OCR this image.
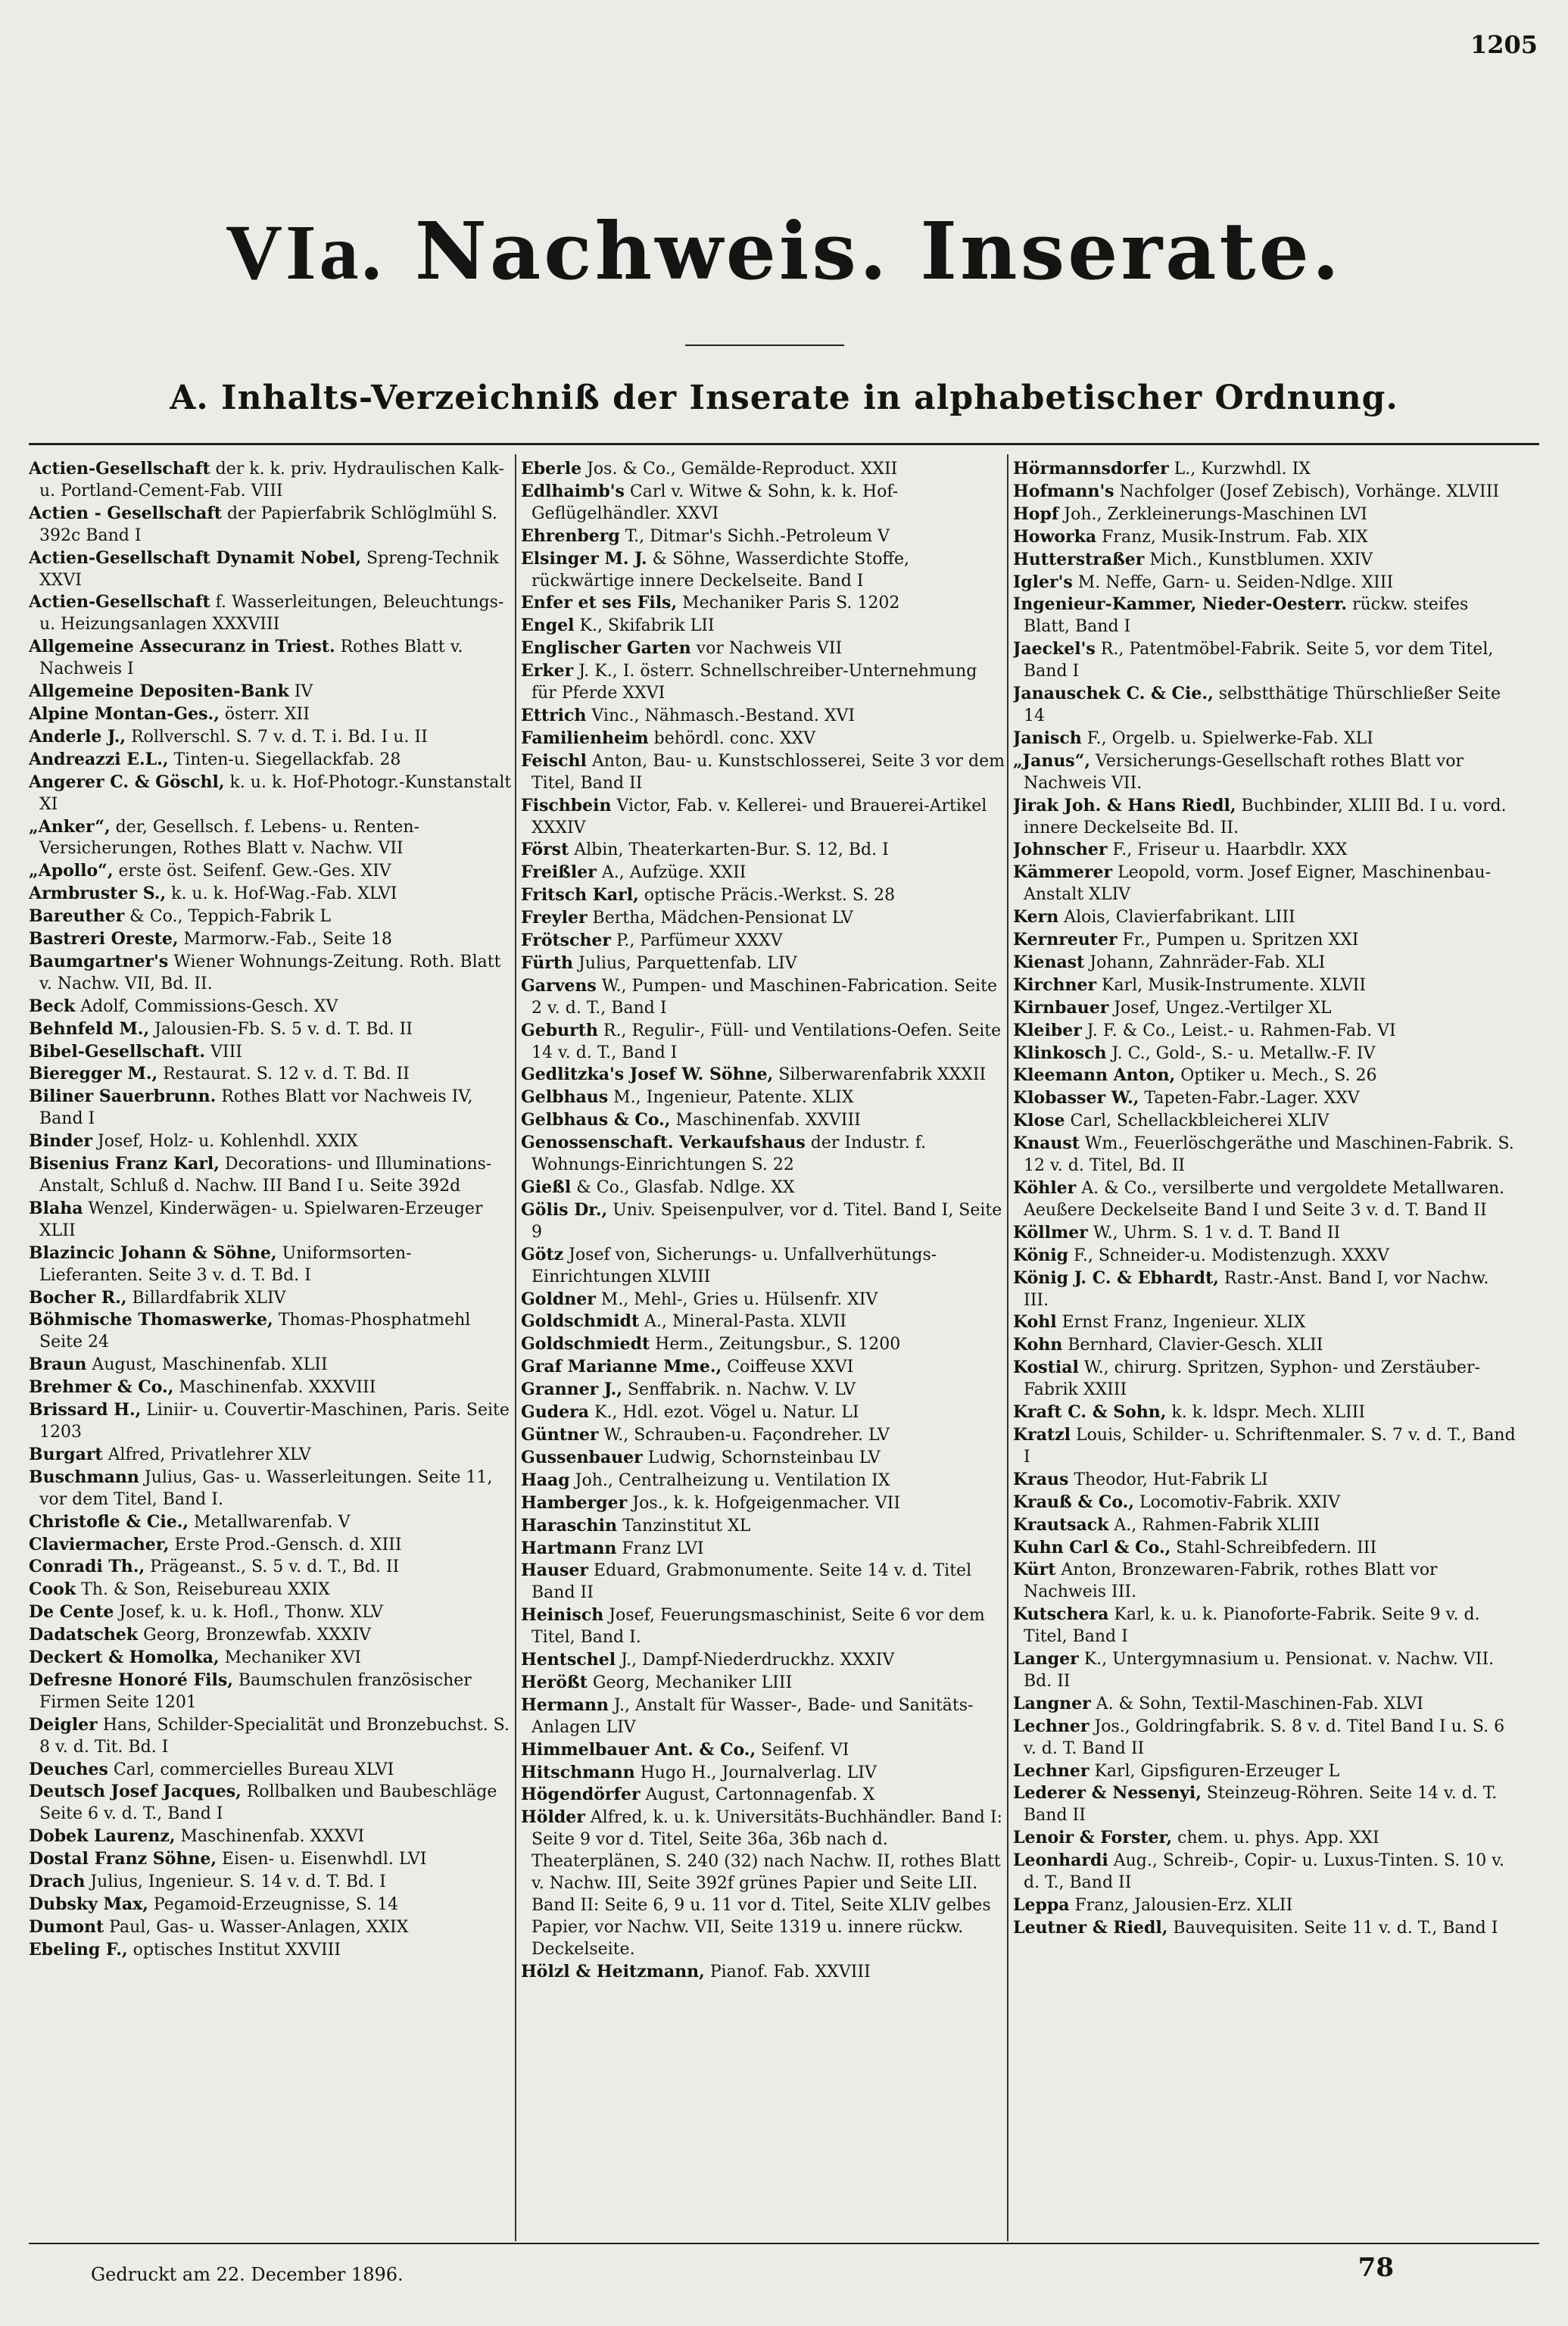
1205
VIa. Nachweis. Inserate.
A. Inhalts-Verzeichniß der Inserate in alphabetischer Ordnung.

Actien-Gesellschaft der k. k. priv. Hydraulischen Kalk- u. Portland-Cement-Fab. VIII

Actien - Gesellschaft der Papierfabrik Schlöglmühl S. 392c Band I

Actien-Gesellschaft Dynamit Nobel, Spreng-Technik XXVI

Actien-Gesellschaft f. Wasserleitungen, Beleuchtungs- u. Heizungsanlagen XXXVIII

Allgemeine Assecuranz in Triest. Rothes Blatt v. Nachweis I

Allgemeine Depositen-Bank IV

Alpine Montan-Ges., österr. XII

Anderle J., Rollverschl. S. 7 v. d. T. i. Bd. I u. II

Andreazzi E.L., Tinten-u. Siegellackfab. 28

Angerer C. & Göschl, k. u. k. Hof-Photogr.-Kunstanstalt XI

„Anker“, der, Gesellsch. f. Lebens- u. Renten-Versicherungen, Rothes Blatt v. Nachw. VII

„Apollo“, erste öst. Seifenf. Gew.-Ges. XIV

Armbruster S., k. u. k. Hof-Wag.-Fab. XLVI

Bareuther & Co., Teppich-Fabrik L

Bastreri Oreste, Marmorw.-Fab., Seite 18

Baumgartner's Wiener Wohnungs-Zeitung. Roth. Blatt v. Nachw. VII, Bd. II.

Beck Adolf, Commissions-Gesch. XV

Behnfeld M., Jalousien-Fb. S. 5 v. d. T. Bd. II

Bibel-Gesellschaft. VIII

Bieregger M., Restaurat. S. 12 v. d. T. Bd. II

Biliner Sauerbrunn. Rothes Blatt vor Nachweis IV, Band I

Binder Josef, Holz- u. Kohlenhdl. XXIX

Bisenius Franz Karl, Decorations- und Illuminations-Anstalt, Schluß d. Nachw. III Band I u. Seite 392d

Blaha Wenzel, Kinderwägen- u. Spielwaren-Erzeuger XLII

Blazincic Johann & Söhne, Uniformsorten-Lieferanten. Seite 3 v. d. T. Bd. I

Bocher R., Billardfabrik XLIV

Böhmische Thomaswerke, Thomas-Phosphatmehl Seite 24

Braun August, Maschinenfab. XLII

Brehmer & Co., Maschinenfab. XXXVIII

Brissard H., Liniir- u. Couvertir-Maschinen, Paris. Seite 1203

Burgart Alfred, Privatlehrer XLV

Buschmann Julius, Gas- u. Wasserleitungen. Seite 11, vor dem Titel, Band I.

Christofle & Cie., Metallwarenfab. V

Claviermacher, Erste Prod.-Gensch. d. XIII

Conradi Th., Prägeanst., S. 5 v. d. T., Bd. II

Cook Th. & Son, Reisebureau XXIX

De Cente Josef, k. u. k. Hofl., Thonw. XLV

Dadatschek Georg, Bronzewfab. XXXIV

Deckert & Homolka, Mechaniker XVI

Defresne Honoré Fils, Baumschulen französischer Firmen Seite 1201

Deigler Hans, Schilder-Specialität und Bronzebuchst. S. 8 v. d. Tit. Bd. I

Deuches Carl, commercielles Bureau XLVI

Deutsch Josef Jacques, Rollbalken und Baubeschläge Seite 6 v. d. T., Band I

Dobek Laurenz, Maschinenfab. XXXVI

Dostal Franz Söhne, Eisen- u. Eisenwhdl. LVI

Drach Julius, Ingenieur. S. 14 v. d. T. Bd. I

Dubsky Max, Pegamoid-Erzeugnisse, S. 14

Dumont Paul, Gas- u. Wasser-Anlagen, XXIX

Ebeling F., optisches Institut XXVIII

Eberle Jos. & Co., Gemälde-Reproduct. XXII

Edlhaimb's Carl v. Witwe & Sohn, k. k. Hof-Geflügelhändler. XXVI

Ehrenberg T., Ditmar's Sichh.-Petroleum V

Elsinger M. J. & Söhne, Wasserdichte Stoffe, rückwärtige innere Deckelseite. Band I

Enfer et ses Fils, Mechaniker Paris S. 1202

Engel K., Skifabrik LII

Englischer Garten vor Nachweis VII

Erker J. K., I. österr. Schnellschreiber-Unternehmung für Pferde XXVI

Ettrich Vinc., Nähmasch.-Bestand. XVI

Familienheim behördl. conc. XXV

Feischl Anton, Bau- u. Kunstschlosserei, Seite 3 vor dem Titel, Band II

Fischbein Victor, Fab. v. Kellerei- und Brauerei-Artikel XXXIV

Först Albin, Theaterkarten-Bur. S. 12, Bd. I

Freißler A., Aufzüge. XXII

Fritsch Karl, optische Präcis.-Werkst. S. 28

Freyler Bertha, Mädchen-Pensionat LV

Frötscher P., Parfümeur XXXV

Fürth Julius, Parquettenfab. LIV

Garvens W., Pumpen- und Maschinen-Fabrication. Seite 2 v. d. T., Band I

Geburth R., Regulir-, Füll- und Ventilations-Oefen. Seite 14 v. d. T., Band I

Gedlitzka's Josef W. Söhne, Silberwarenfabrik XXXII

Gelbhaus M., Ingenieur, Patente. XLIX

Gelbhaus & Co., Maschinenfab. XXVIII

Genossenschaft. Verkaufshaus der Industr. f. Wohnungs-Einrichtungen S. 22

Gießl & Co., Glasfab. Ndlge. XX

Gölis Dr., Univ. Speisenpulver, vor d. Titel. Band I, Seite 9

Götz Josef von, Sicherungs- u. Unfallverhütungs-Einrichtungen XLVIII

Goldner M., Mehl-, Gries u. Hülsenfr. XIV

Goldschmidt A., Mineral-Pasta. XLVII

Goldschmiedt Herm., Zeitungsbur., S. 1200

Graf Marianne Mme., Coiffeuse XXVI

Granner J., Senffabrik. n. Nachw. V. LV

Gudera K., Hdl. ezot. Vögel u. Natur. LI

Güntner W., Schrauben-u. Façondreher. LV

Gussenbauer Ludwig, Schornsteinbau LV

Haag Joh., Centralheizung u. Ventilation IX

Hamberger Jos., k. k. Hofgeigenmacher. VII

Haraschin Tanzinstitut XL

Hartmann Franz LVI

Hauser Eduard, Grabmonumente. Seite 14 v. d. Titel Band II

Heinisch Josef, Feuerungsmaschinist, Seite 6 vor dem Titel, Band I.

Hentschel J., Dampf-Niederdruckhz. XXXIV

Herößt Georg, Mechaniker LIII

Hermann J., Anstalt für Wasser-, Bade- und Sanitäts-Anlagen LIV

Himmelbauer Ant. & Co., Seifenf. VI

Hitschmann Hugo H., Journalverlag. LIV

Högendörfer August, Cartonnagenfab. X

Hölder Alfred, k. u. k. Universitäts-Buchhändler. Band I: Seite 9 vor d. Titel, Seite 36a, 36b nach d. Theaterplänen, S. 240 (32) nach Nachw. II, rothes Blatt v. Nachw. III, Seite 392f grünes Papier und Seite LII. Band II: Seite 6, 9 u. 11 vor d. Titel, Seite XLIV gelbes Papier, vor Nachw. VII, Seite 1319 u. innere rückw. Deckelseite.

Hölzl & Heitzmann, Pianof. Fab. XXVIII

Hörmannsdorfer L., Kurzwhdl. IX

Hofmann's Nachfolger (Josef Zebisch), Vorhänge. XLVIII

Hopf Joh., Zerkleinerungs-Maschinen LVI

Howorka Franz, Musik-Instrum. Fab. XIX

Hutterstraßer Mich., Kunstblumen. XXIV

Igler's M. Neffe, Garn- u. Seiden-Ndlge. XIII

Ingenieur-Kammer, Nieder-Oesterr. rückw. steifes Blatt, Band I

Jaeckel's R., Patentmöbel-Fabrik. Seite 5, vor dem Titel, Band I

Janauschek C. & Cie., selbstthätige Thürschließer Seite 14

Janisch F., Orgelb. u. Spielwerke-Fab. XLI

„Janus“, Versicherungs-Gesellschaft rothes Blatt vor Nachweis VII.

Jirak Joh. & Hans Riedl, Buchbinder, XLIII Bd. I u. vord. innere Deckelseite Bd. II.

Johnscher F., Friseur u. Haarbdlr. XXX

Kämmerer Leopold, vorm. Josef Eigner, Maschinenbau-Anstalt XLIV

Kern Alois, Clavierfabrikant. LIII

Kernreuter Fr., Pumpen u. Spritzen XXI

Kienast Johann, Zahnräder-Fab. XLI

Kirchner Karl, Musik-Instrumente. XLVII

Kirnbauer Josef, Ungez.-Vertilger XL

Kleiber J. F. & Co., Leist.- u. Rahmen-Fab. VI

Klinkosch J. C., Gold-, S.- u. Metallw.-F. IV

Kleemann Anton, Optiker u. Mech., S. 26

Klobasser W., Tapeten-Fabr.-Lager. XXV

Klose Carl, Schellackbleicherei XLIV

Knaust Wm., Feuerlöschgeräthe und Maschinen-Fabrik. S. 12 v. d. Titel, Bd. II

Köhler A. & Co., versilberte und vergoldete Metallwaren. Aeußere Deckelseite Band I und Seite 3 v. d. T. Band II

Köllmer W., Uhrm. S. 1 v. d. T. Band II

König F., Schneider-u. Modistenzugh. XXXV

König J. C. & Ebhardt, Rastr.-Anst. Band I, vor Nachw. III.

Kohl Ernst Franz, Ingenieur. XLIX

Kohn Bernhard, Clavier-Gesch. XLII

Kostial W., chirurg. Spritzen, Syphon- und Zerstäuber-Fabrik XXIII

Kraft C. & Sohn, k. k. ldspr. Mech. XLIII

Kratzl Louis, Schilder- u. Schriftenmaler. S. 7 v. d. T., Band I

Kraus Theodor, Hut-Fabrik LI

Krauß & Co., Locomotiv-Fabrik. XXIV

Krautsack A., Rahmen-Fabrik XLIII

Kuhn Carl & Co., Stahl-Schreibfedern. III

Kürt Anton, Bronzewaren-Fabrik, rothes Blatt vor Nachweis III.

Kutschera Karl, k. u. k. Pianoforte-Fabrik. Seite 9 v. d. Titel, Band I

Langer K., Untergymnasium u. Pensionat. v. Nachw. VII. Bd. II

Langner A. & Sohn, Textil-Maschinen-Fab. XLVI

Lechner Jos., Goldringfabrik. S. 8 v. d. Titel Band I u. S. 6 v. d. T. Band II

Lechner Karl, Gipsfiguren-Erzeuger L

Lederer & Nessenyi, Steinzeug-Röhren. Seite 14 v. d. T. Band II

Lenoir & Forster, chem. u. phys. App. XXI

Leonhardi Aug., Schreib-, Copir- u. Luxus-Tinten. S. 10 v. d. T., Band II

Leppa Franz, Jalousien-Erz. XLII

Leutner & Riedl, Bauvequisiten. Seite 11 v. d. T., Band I

Gedruckt am 22. December 1896.	78
